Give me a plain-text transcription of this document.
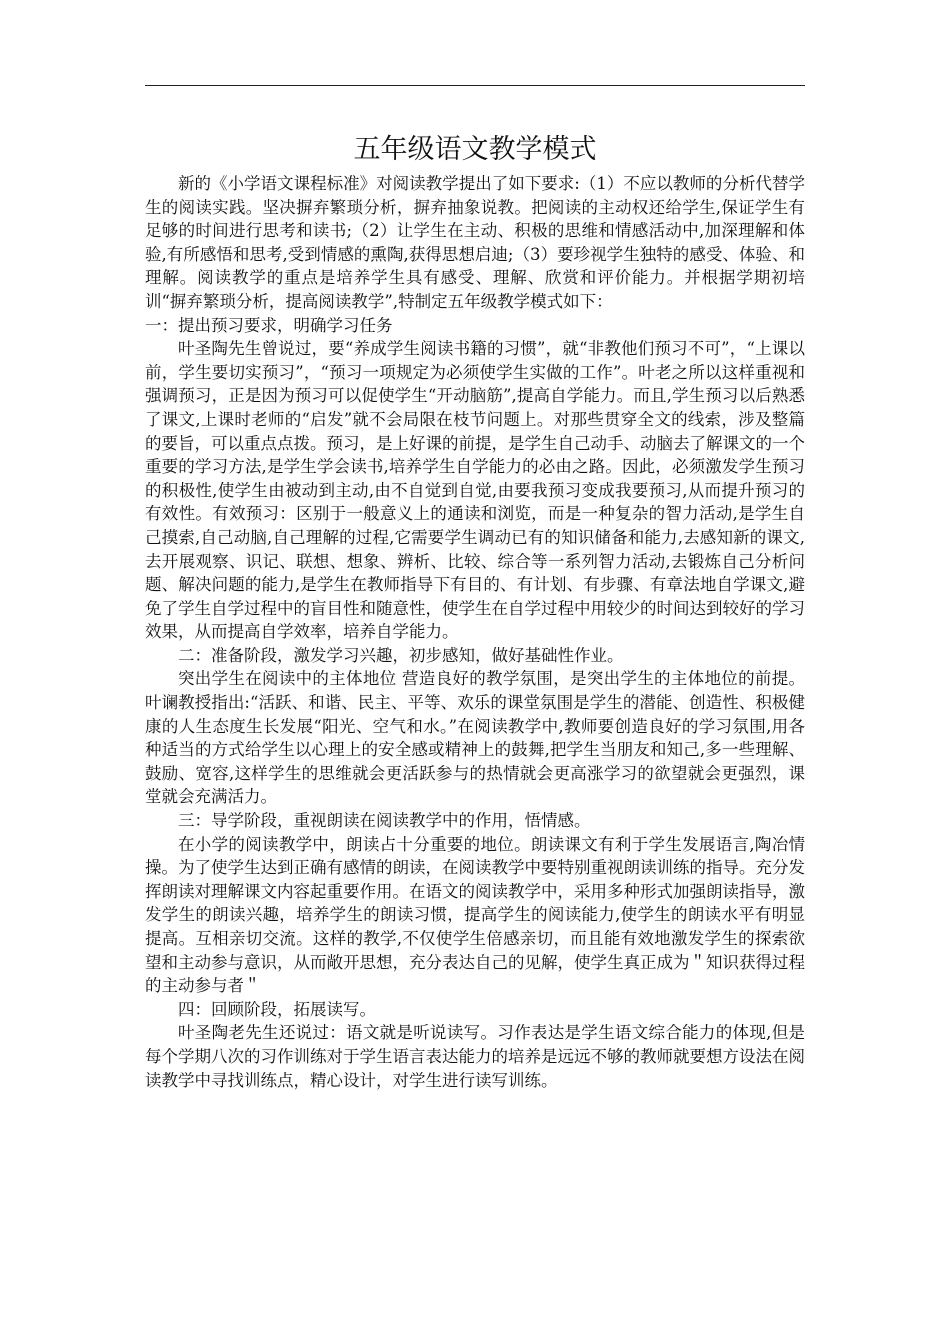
五年级语文教学模式

新的《小学语文课程标准》对阅读教学提出了如下要求:（1）不应以教师的分析代替学生的阅读实践。坚决摒弃繁琐分析，摒弃抽象说教。把阅读的主动权还给学生,保证学生有足够的时间进行思考和读书;（2）让学生在主动、积极的思维和情感活动中,加深理解和体验,有所感悟和思考,受到情感的熏陶,获得思想启迪;（3）要珍视学生独特的感受、体验、和理解。阅读教学的重点是培养学生具有感受、理解、欣赏和评价能力。并根据学期初培训“摒弃繁琐分析，提高阅读教学”,特制定五年级教学模式如下：

一：提出预习要求，明确学习任务

叶圣陶先生曾说过，要“养成学生阅读书籍的习惯”，就“非教他们预习不可”，“上课以前，学生要切实预习”，“预习一项规定为必须使学生实做的工作”。叶老之所以这样重视和强调预习，正是因为预习可以促使学生“开动脑筋”,提高自学能力。而且,学生预习以后熟悉了课文,上课时老师的“启发”就不会局限在枝节问题上。对那些贯穿全文的线索，涉及整篇的要旨，可以重点点拨。预习，是上好课的前提，是学生自己动手、动脑去了解课文的一个重要的学习方法,是学生学会读书,培养学生自学能力的必由之路。因此，必须激发学生预习的积极性,使学生由被动到主动,由不自觉到自觉,由要我预习变成我要预习,从而提升预习的有效性。有效预习：区别于一般意义上的通读和浏览，而是一种复杂的智力活动,是学生自己摸索,自己动脑,自己理解的过程,它需要学生调动已有的知识储备和能力,去感知新的课文,去开展观察、识记、联想、想象、辨析、比较、综合等一系列智力活动,去锻炼自己分析问题、解决问题的能力,是学生在教师指导下有目的、有计划、有步骤、有章法地自学课文,避免了学生自学过程中的盲目性和随意性，使学生在自学过程中用较少的时间达到较好的学习效果，从而提高自学效率，培养自学能力。

二：准备阶段，激发学习兴趣，初步感知，做好基础性作业。

突出学生在阅读中的主体地位 营造良好的教学氛围，是突出学生的主体地位的前提。叶谰教授指出:“活跃、和谐、民主、平等、欢乐的课堂氛围是学生的潜能、创造性、积极健康的人生态度生长发展“阳光、空气和水。”在阅读教学中,教师要创造良好的学习氛围,用各种适当的方式给学生以心理上的安全感或精神上的鼓舞,把学生当朋友和知己,多一些理解、鼓励、宽容,这样学生的思维就会更活跃参与的热情就会更高涨学习的欲望就会更强烈，课堂就会充满活力。

三：导学阶段，重视朗读在阅读教学中的作用，悟情感。

在小学的阅读教学中，朗读占十分重要的地位。朗读课文有利于学生发展语言,陶冶情操。为了使学生达到正确有感情的朗读，在阅读教学中要特别重视朗读训练的指导。充分发挥朗读对理解课文内容起重要作用。在语文的阅读教学中，采用多种形式加强朗读指导，激发学生的朗读兴趣，培养学生的朗读习惯，提高学生的阅读能力,使学生的朗读水平有明显提高。互相亲切交流。这样的教学,不仅使学生倍感亲切，而且能有效地激发学生的探索欲望和主动参与意识，从而敞开思想，充分表达自己的见解，使学生真正成为＂知识获得过程的主动参与者＂

四：回顾阶段，拓展读写。

叶圣陶老先生还说过：语文就是听说读写。习作表达是学生语文综合能力的体现,但是每个学期八次的习作训练对于学生语言表达能力的培养是远远不够的教师就要想方设法在阅读教学中寻找训练点，精心设计，对学生进行读写训练。
